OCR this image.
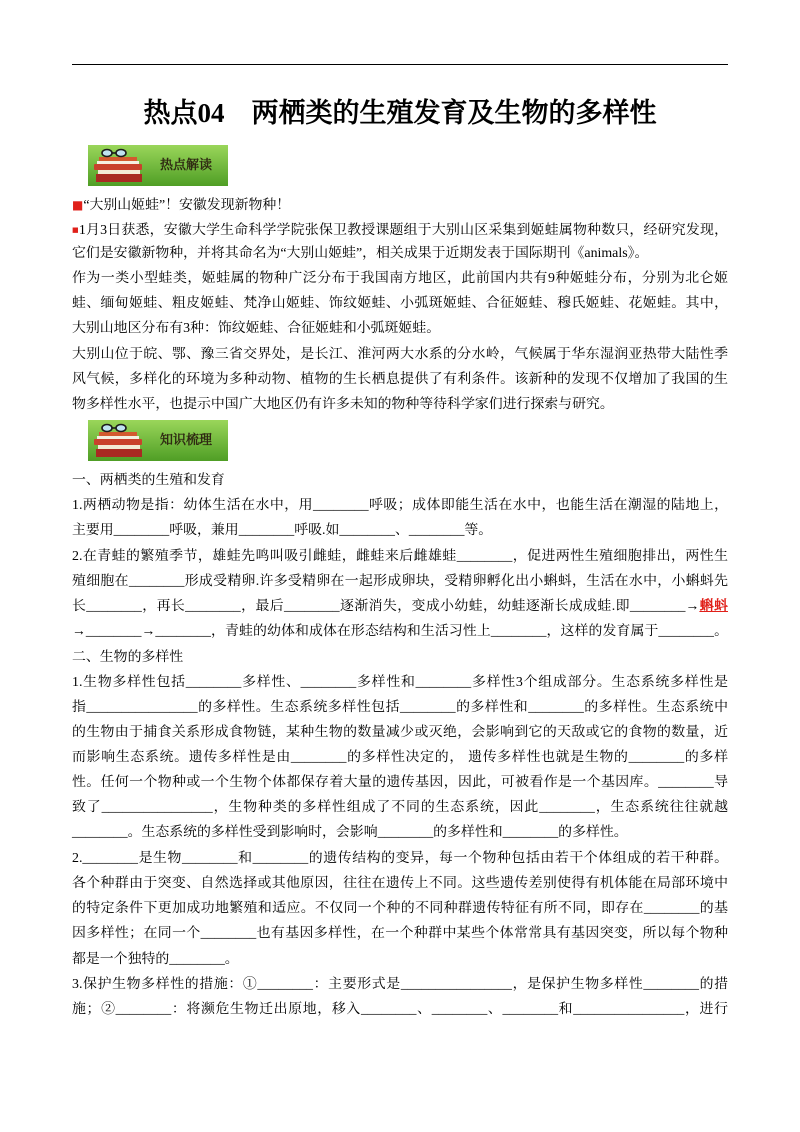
热点04　两栖类的生殖发育及生物的多样性
热点解读
■“大别山姬蛙”！安徽发现新物种！
■1月3日获悉，安徽大学生命科学学院张保卫教授课题组于大别山区采集到姬蛙属物种数只，经研究发现，
它们是安徽新物种，并将其命名为“大别山姬蛙”，相关成果于近期发表于国际期刊《animals》。
作为一类小型蛙类，姬蛙属的物种广泛分布于我国南方地区，此前国内共有9种姬蛙分布，分别为北仑姬
蛙、缅甸姬蛙、粗皮姬蛙、梵净山姬蛙、饰纹姬蛙、小弧斑姬蛙、合征姬蛙、穆氏姬蛙、花姬蛙。其中，
大别山地区分布有3种：饰纹姬蛙、合征姬蛙和小弧斑姬蛙。
大别山位于皖、鄂、豫三省交界处，是长江、淮河两大水系的分水岭，气候属于华东湿润亚热带大陆性季
风气候，多样化的环境为多种动物、植物的生长栖息提供了有利条件。该新种的发现不仅增加了我国的生
物多样性水平，也提示中国广大地区仍有许多未知的物种等待科学家们进行探索与研究。
知识梳理
一、两栖类的生殖和发育
1.两栖动物是指：幼体生活在水中，用________呼吸；成体即能生活在水中，也能生活在潮湿的陆地上，
主要用________呼吸，兼用________呼吸.如________、________等。
2.在青蛙的繁殖季节，雄蛙先鸣叫吸引雌蛙，雌蛙来后雌雄蛙________，促进两性生殖细胞排出，两性生
殖细胞在________形成受精卵.许多受精卵在一起形成卵块，受精卵孵化出小蝌蚪，生活在水中，小蝌蚪先
长________，再长________，最后________逐渐消失，变成小幼蛙，幼蛙逐渐长成成蛙.即________→蝌蚪
→________→________，青蛙的幼体和成体在形态结构和生活习性上________，这样的发育属于________。
二、生物的多样性
1.生物多样性包括________多样性、________多样性和________多样性3个组成部分。生态系统多样性是
指________________的多样性。生态系统多样性包括________的多样性和________的多样性。生态系统中
的生物由于捕食关系形成食物链，某种生物的数量减少或灭绝，会影响到它的天敌或它的食物的数量，近
而影响生态系统。遗传多样性是由________的多样性决定的， 遗传多样性也就是生物的________的多样
性。任何一个物种或一个生物个体都保存着大量的遗传基因，因此，可被看作是一个基因库。________导
致了________________，生物种类的多样性组成了不同的生态系统，因此________，生态系统往往就越
________。生态系统的多样性受到影响时，会影响________的多样性和________的多样性。
2.________是生物________和________的遗传结构的变异，每一个物种包括由若干个体组成的若干种群。
各个种群由于突变、自然选择或其他原因，往往在遗传上不同。这些遗传差别使得有机体能在局部环境中
的特定条件下更加成功地繁殖和适应。不仅同一个种的不同种群遗传特征有所不同，即存在________的基
因多样性；在同一个________也有基因多样性，在一个种群中某些个体常常具有基因突变，所以每个物种
都是一个独特的________。
3.保护生物多样性的措施：①________：主要形式是________________，是保护生物多样性________的措
施；②________：将濒危生物迁出原地，移入________、________、________和________________，进行
